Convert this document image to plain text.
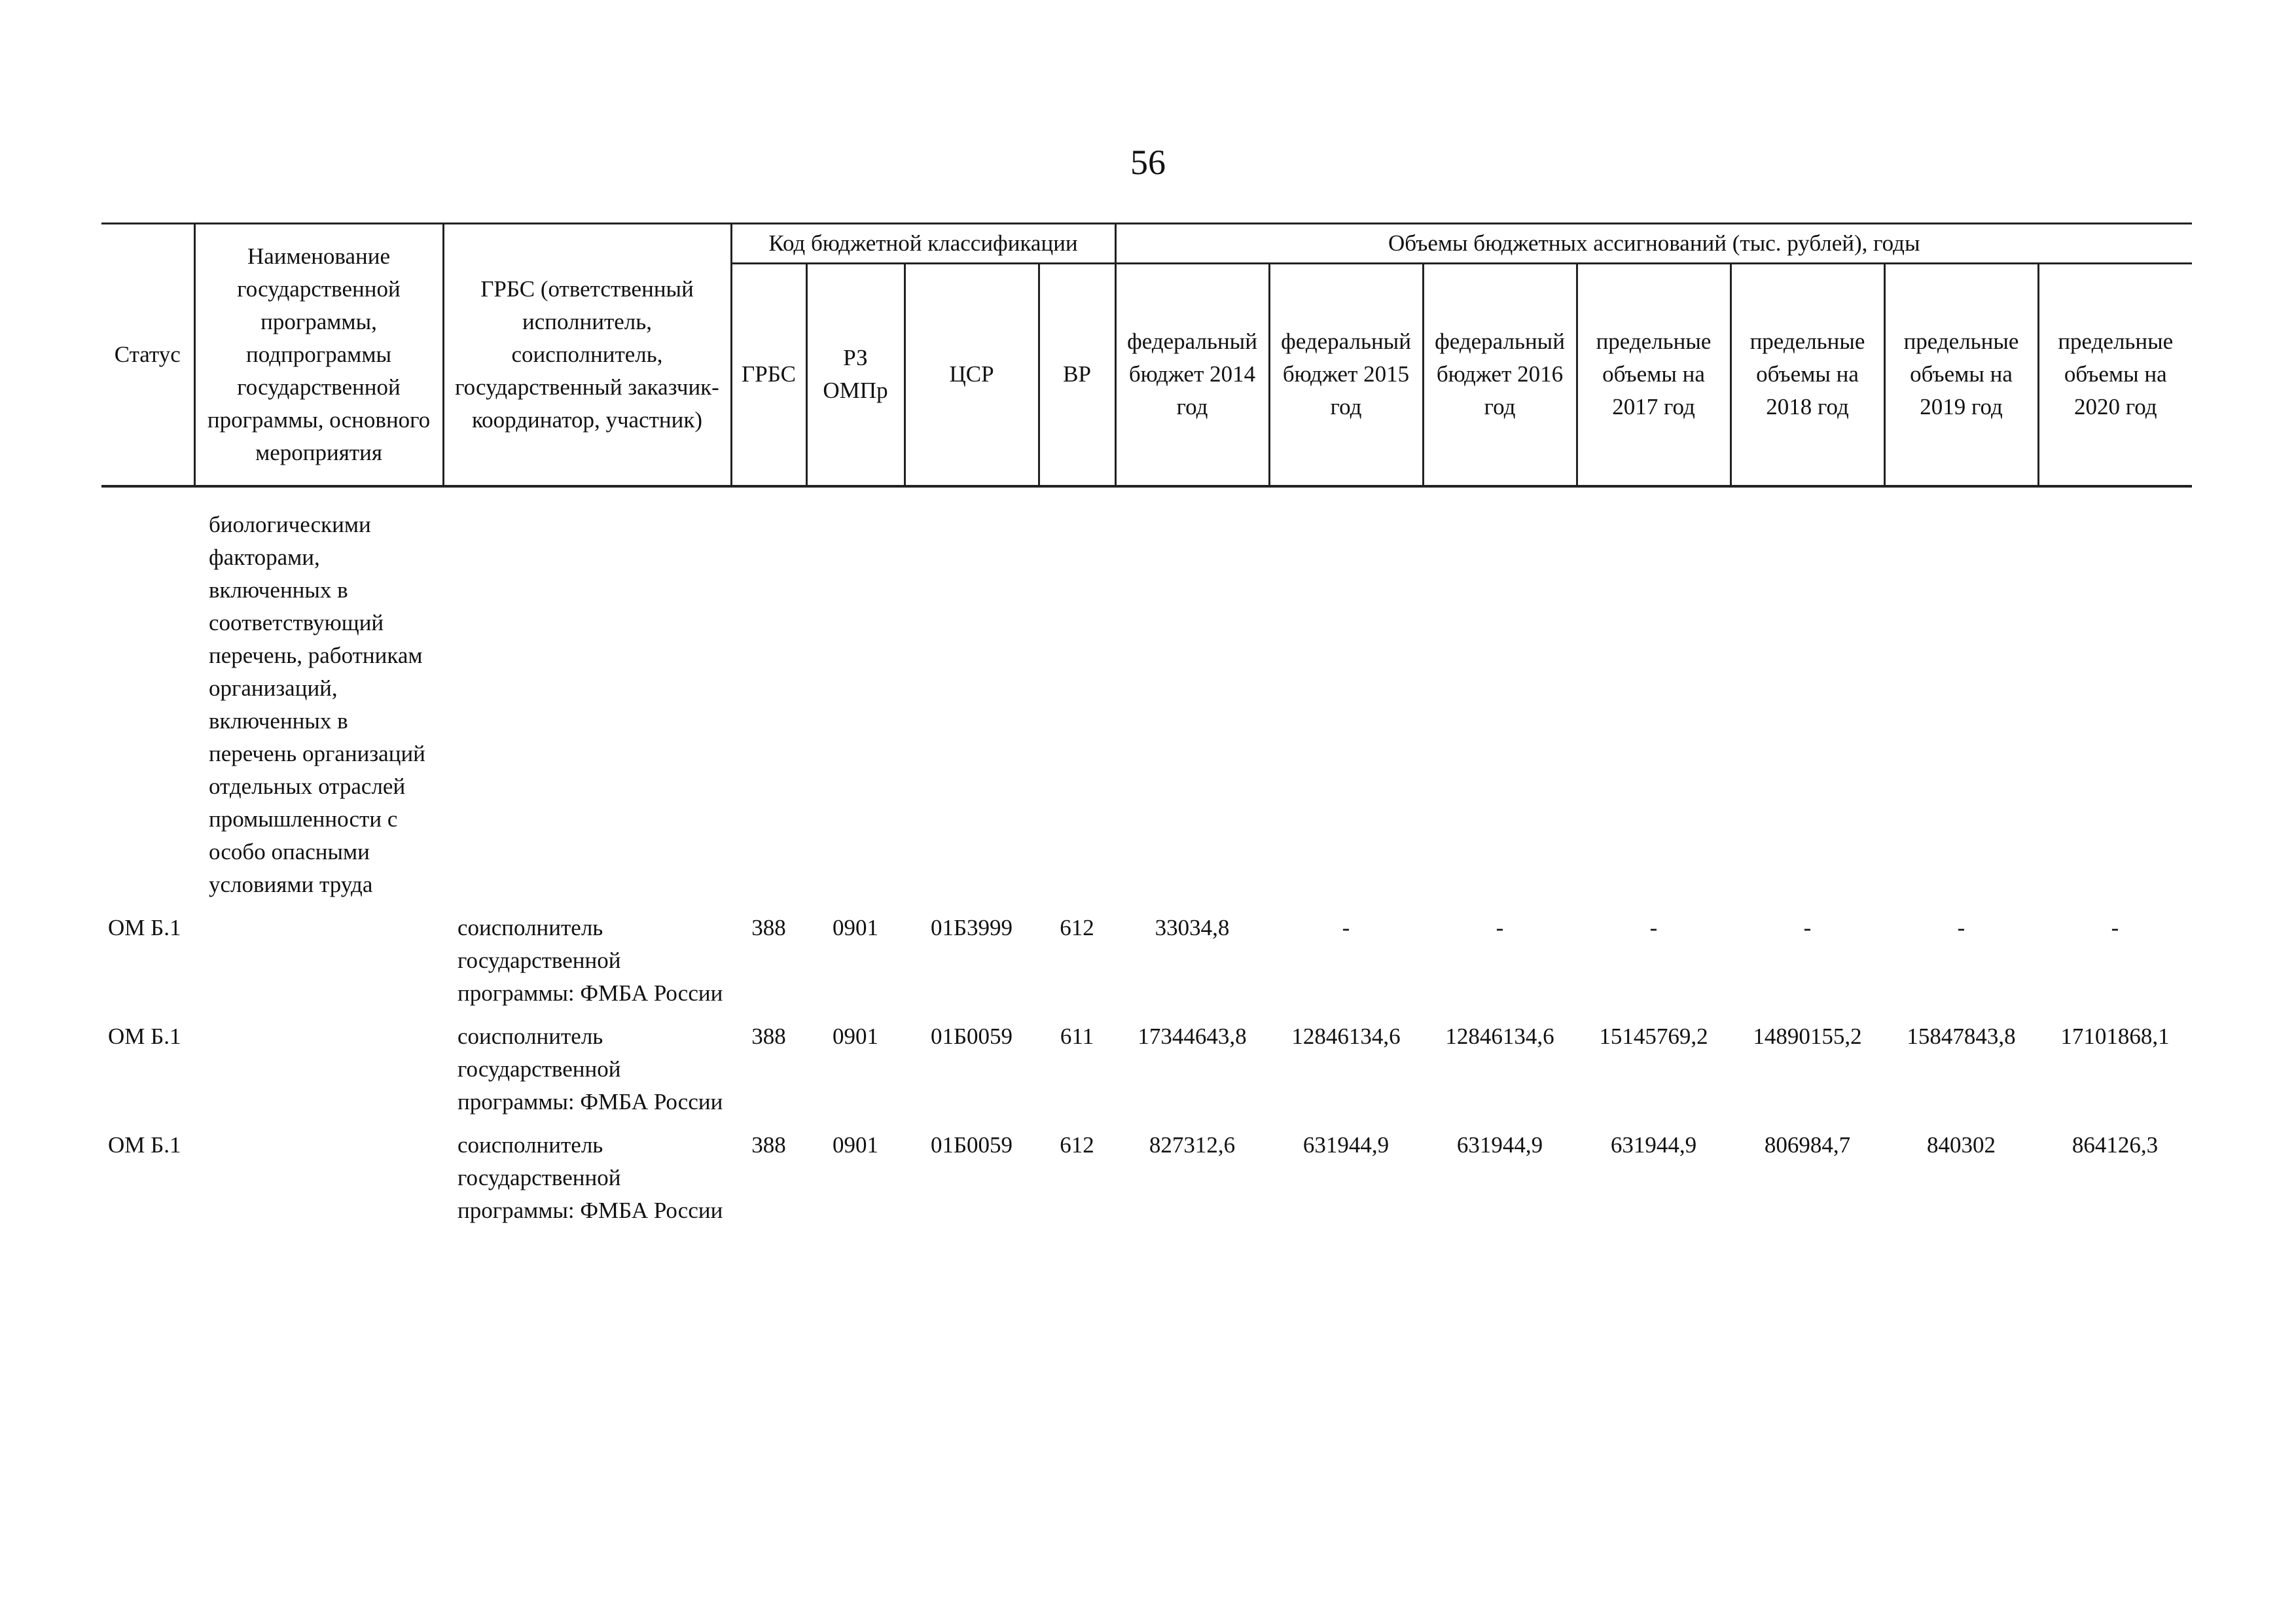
56
Статус	Наименование государственной программы, подпрограммы государственной программы, основного мероприятия	ГРБС (ответственный исполнитель, соисполнитель, государственный заказчик-координатор, участник)	Код бюджетной классификации				Объемы бюджетных ассигнований (тыс. рублей), годы						
			ГРБС	РЗ ОМПр	ЦСР	ВР	федеральный бюджет 2014 год	федеральный бюджет 2015 год	федеральный бюджет 2016 год	предельные объемы на 2017 год	предельные объемы на 2018 год	предельные объемы на 2019 год	предельные объемы на 2020 год

	биологическими факторами, включенных в соответствующий перечень, работникам организаций, включенных в перечень организаций отдельных отраслей промышленности с особо опасными условиями труда												
ОМ Б.1		соисполнитель государственной программы: ФМБА России	388	0901	01Б3999	612	33034,8	-	-	-	-	-	-
ОМ Б.1		соисполнитель государственной программы: ФМБА России	388	0901	01Б0059	611	17344643,8	12846134,6	12846134,6	15145769,2	14890155,2	15847843,8	17101868,1
ОМ Б.1		соисполнитель государственной программы: ФМБА России	388	0901	01Б0059	612	827312,6	631944,9	631944,9	631944,9	806984,7	840302	864126,3
